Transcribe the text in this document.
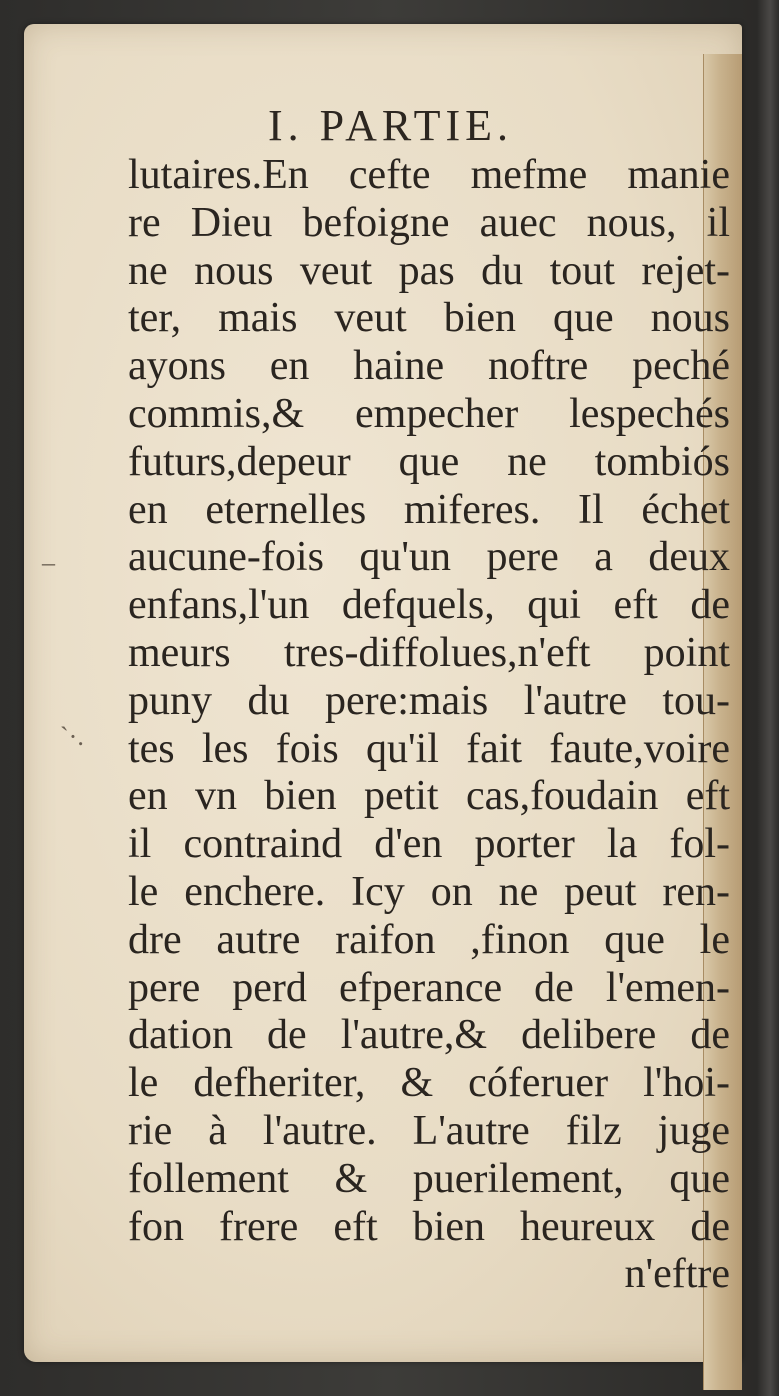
I. PARTIE.
–
`·.
lutaires.En cefte mefme manie
re Dieu befoigne auec nous, il
ne nous veut pas du tout rejet-
ter, mais veut bien que nous
ayons en haine noftre peché
commis,& empecher lespechés
futurs,depeur que ne tombiós
en eternelles miferes. Il échet
aucune-fois qu'un pere a deux
enfans,l'un defquels, qui eft de
meurs tres-diffolues,n'eft point
puny du pere:mais l'autre tou-
tes les fois qu'il fait faute,voire
en vn bien petit cas,foudain eft
il contraind d'en porter la fol-
le enchere. Icy on ne peut ren-
dre autre raifon ,finon que le
pere perd efperance de l'emen-
dation de l'autre,& delibere de
le defheriter, & cóferuer l'hoi-
rie à l'autre. L'autre filz juge
follement & puerilement, que
fon frere eft bien heureux de
n'eftre
